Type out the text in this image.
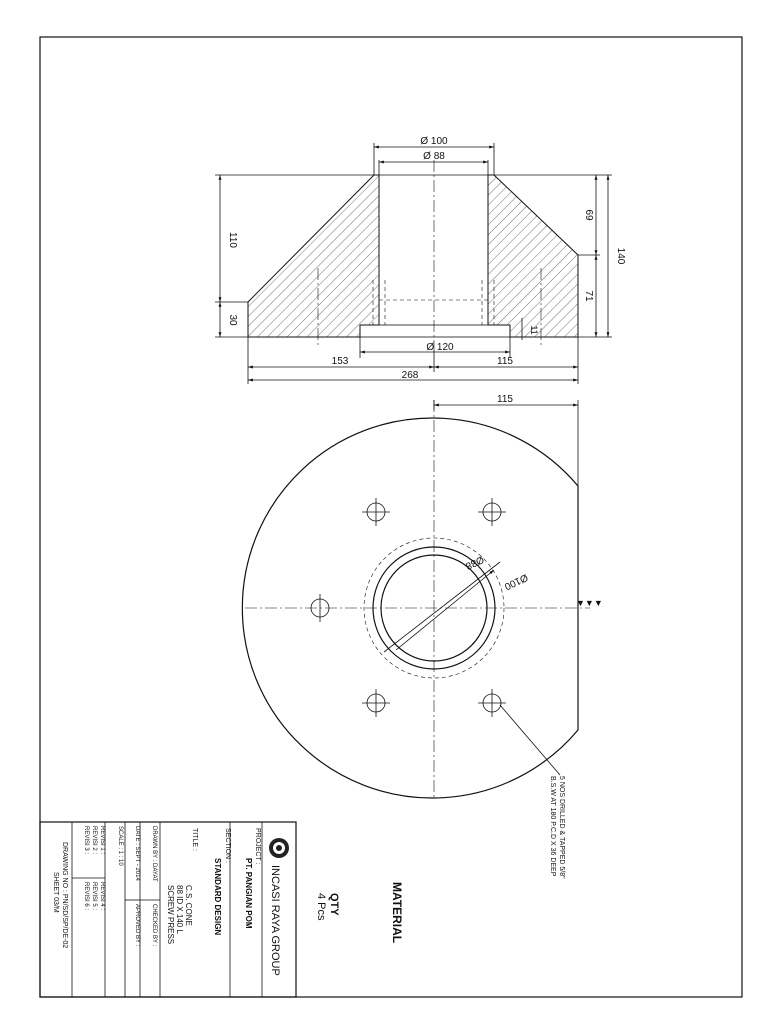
Ø 100
Ø 88
110
30
69
71
140
11
Ø 120
153	115
268
Ø88
Ø100
115
▼▼▼
5 NOS DRILLED & TAPPED 5/8"
B.S.W AT 180 P.C.D X 36 DEEP
MATERIAL
QTY
4 Pcs
INCASI RAYA GROUP
PROJECT :
PT. PANGIAN POM
SECTION :
STANDARD DESIGN
TITLE :
C.S. CONE
88 ID X 140 L
SCREW PRESS
DRAWN BY : DAYAT
CHECKED BY :
DATE : SEPT - 2014
APROVED BY :
SCALE : 1 : 10
REVISI 1 :
REVISI 2 :
REVISI 3 :
REVISI 4 :
REVISI 5 :
REVISI 6 :
DRAWING NO : PN/SD/SP/DE-02
SHEET 03/M
